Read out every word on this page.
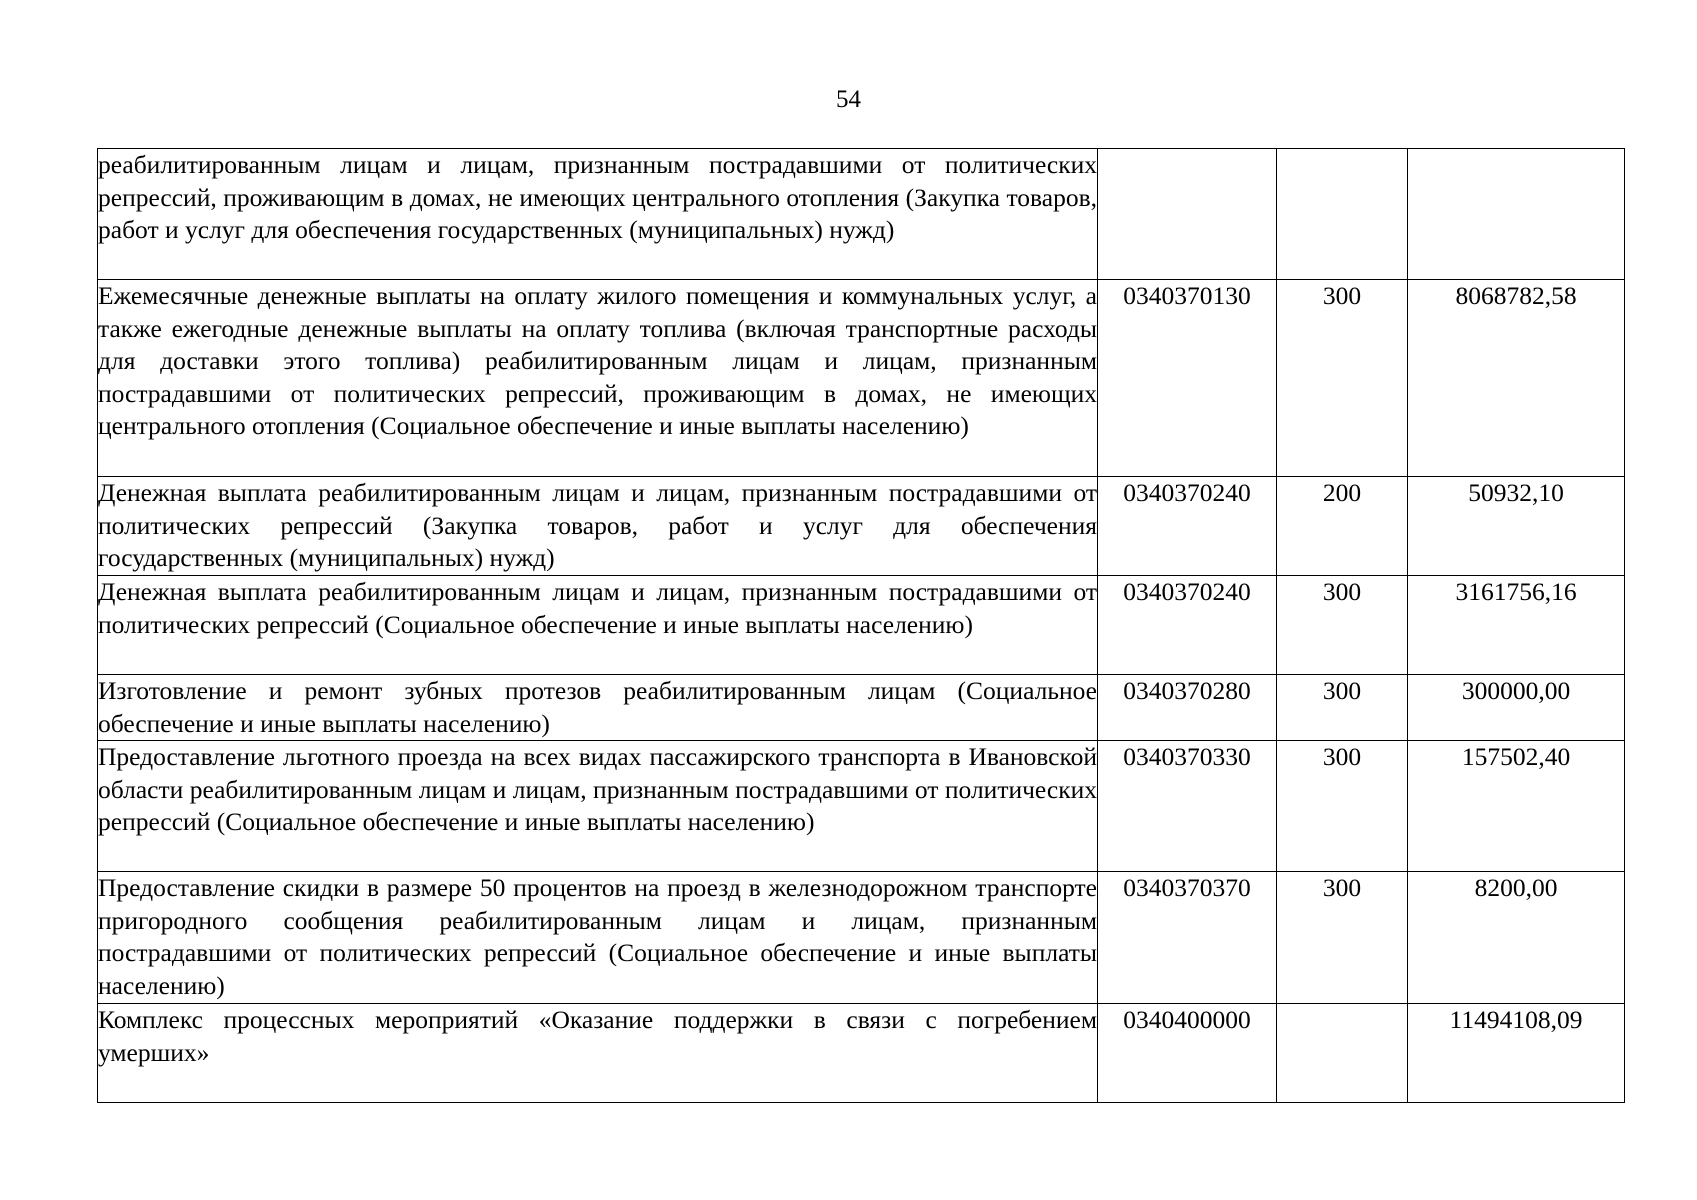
54
реабилитированным лицам и лицам, признанным пострадавшими от политических репрессий, проживающим в домах, не имеющих центрального отопления (Закупка товаров, работ и услуг для обеспечения государственных (муниципальных) нужд)			
Ежемесячные денежные выплаты на оплату жилого помещения и коммунальных услуг, а также ежегодные денежные выплаты на оплату топлива (включая транспортные расходы для доставки этого топлива) реабилитированным лицам и лицам, признанным пострадавшими от политических репрессий, проживающим в домах, не имеющих центрального отопления (Социальное обеспечение и иные выплаты населению)	0340370130	300	8068782,58
Денежная выплата реабилитированным лицам и лицам, признанным пострадавшими от политических репрессий (Закупка товаров, работ и услуг для обеспечения государственных (муниципальных) нужд)	0340370240	200	50932,10
Денежная выплата реабилитированным лицам и лицам, признанным пострадавшими от политических репрессий (Социальное обеспечение и иные выплаты населению)	0340370240	300	3161756,16
Изготовление и ремонт зубных протезов реабилитированным лицам (Социальное обеспечение и иные выплаты населению)	0340370280	300	300000,00
Предоставление льготного проезда на всех видах пассажирского транспорта в Ивановской области реабилитированным лицам и лицам, признанным пострадавшими от политических репрессий (Социальное обеспечение и иные выплаты населению)	0340370330	300	157502,40
Предоставление скидки в размере 50 процентов на проезд в железнодорожном транспорте пригородного сообщения реабилитированным лицам и лицам, признанным пострадавшими от политических репрессий (Социальное обеспечение и иные выплаты населению)	0340370370	300	8200,00
Комплекс процессных мероприятий «Оказание поддержки в связи с погребением умерших»	0340400000		11494108,09
